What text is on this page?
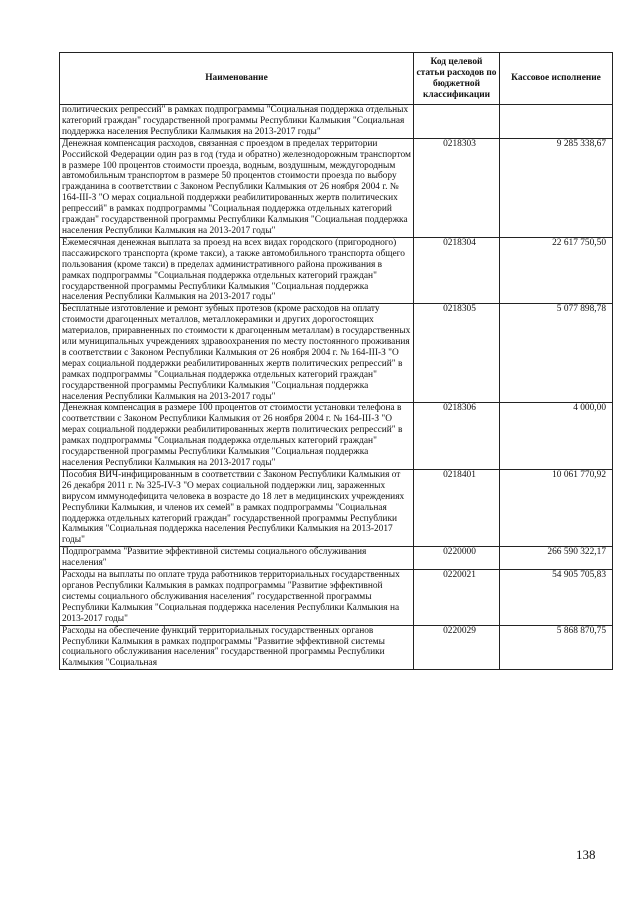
Наименование	Код целевой статьи расходов по бюджетной классификации	Кассовое исполнение
политических репрессий" в рамках подпрограммы "Социальная поддержка отдельных категорий граждан" государственной программы Республики Калмыкия "Социальная поддержка населения Республики Калмыкия на 2013-2017 годы"		
Денежная компенсация расходов, связанная с проездом в пределах территории Российской Федерации один раз в год (туда и обратно) железнодорожным транспортом в размере 100 процентов стоимости проезда, водным, воздушным, междугородным автомобильным транспортом в размере 50 процентов стоимости проезда по выбору гражданина в соответствии с Законом Республики Калмыкия от 26 ноября 2004 г. № 164-III-З "О мерах социальной поддержки реабилитированных жертв политических репрессий" в рамках подпрограммы "Социальная поддержка отдельных категорий граждан" государственной программы Республики Калмыкия "Социальная поддержка населения Республики Калмыкия на 2013-2017 годы"	0218303	9 285 338,67
Ежемесячная денежная выплата за проезд на всех видах городского (пригородного) пассажирского транспорта (кроме такси), а также автомобильного транспорта общего пользования (кроме такси) в пределах административного района проживания в рамках подпрограммы "Социальная поддержка отдельных категорий граждан" государственной программы Республики Калмыкия "Социальная поддержка населения Республики Калмыкия на 2013-2017 годы"	0218304	22 617 750,50
Бесплатные изготовление и ремонт зубных протезов (кроме расходов на оплату стоимости драгоценных металлов, металлокерамики и других дорогостоящих материалов, приравненных по стоимости к драгоценным металлам) в государственных или муниципальных учреждениях здравоохранения по месту постоянного проживания в соответствии с Законом Республики Калмыкия от 26 ноября 2004 г. № 164-III-З "О мерах социальной поддержки реабилитированных жертв политических репрессий" в рамках подпрограммы "Социальная поддержка отдельных категорий граждан" государственной программы Республики Калмыкия "Социальная поддержка населения Республики Калмыкия на 2013-2017 годы"	0218305	5 077 898,78
Денежная компенсация в размере 100 процентов от стоимости установки телефона в соответствии с Законом Республики Калмыкия от 26 ноября 2004 г. № 164-III-З "О мерах социальной поддержки реабилитированных жертв политических репрессий" в рамках подпрограммы "Социальная поддержка отдельных категорий граждан" государственной программы Республики Калмыкия "Социальная поддержка населения Республики Калмыкия на 2013-2017 годы"	0218306	4 000,00
Пособия ВИЧ-инфицированным в соответствии с Законом Республики Калмыкия от 26 декабря 2011 г. № 325-IV-З "О мерах социальной поддержки лиц, зараженных вирусом иммунодефицита человека в возрасте до 18 лет в медицинских учреждениях Республики Калмыкия, и членов их семей" в рамках подпрограммы "Социальная поддержка отдельных категорий граждан" государственной программы Республики Калмыкия "Социальная поддержка населения Республики Калмыкия на 2013-2017 годы"	0218401	10 061 770,92
Подпрограмма "Развитие эффективной системы социального обслуживания населения"	0220000	266 590 322,17
Расходы на выплаты по оплате труда работников территориальных государственных органов Республики Калмыкия в рамках подпрограммы "Развитие эффективной системы социального обслуживания населения" государственной программы Республики Калмыкия "Социальная поддержка населения Республики Калмыкия на 2013-2017 годы"	0220021	54 905 705,83
Расходы на обеспечение функций территориальных государственных органов Республики Калмыкия в рамках подпрограммы "Развитие эффективной системы социального обслуживания населения" государственной программы Республики Калмыкия "Социальная	0220029	5 868 870,75
138
